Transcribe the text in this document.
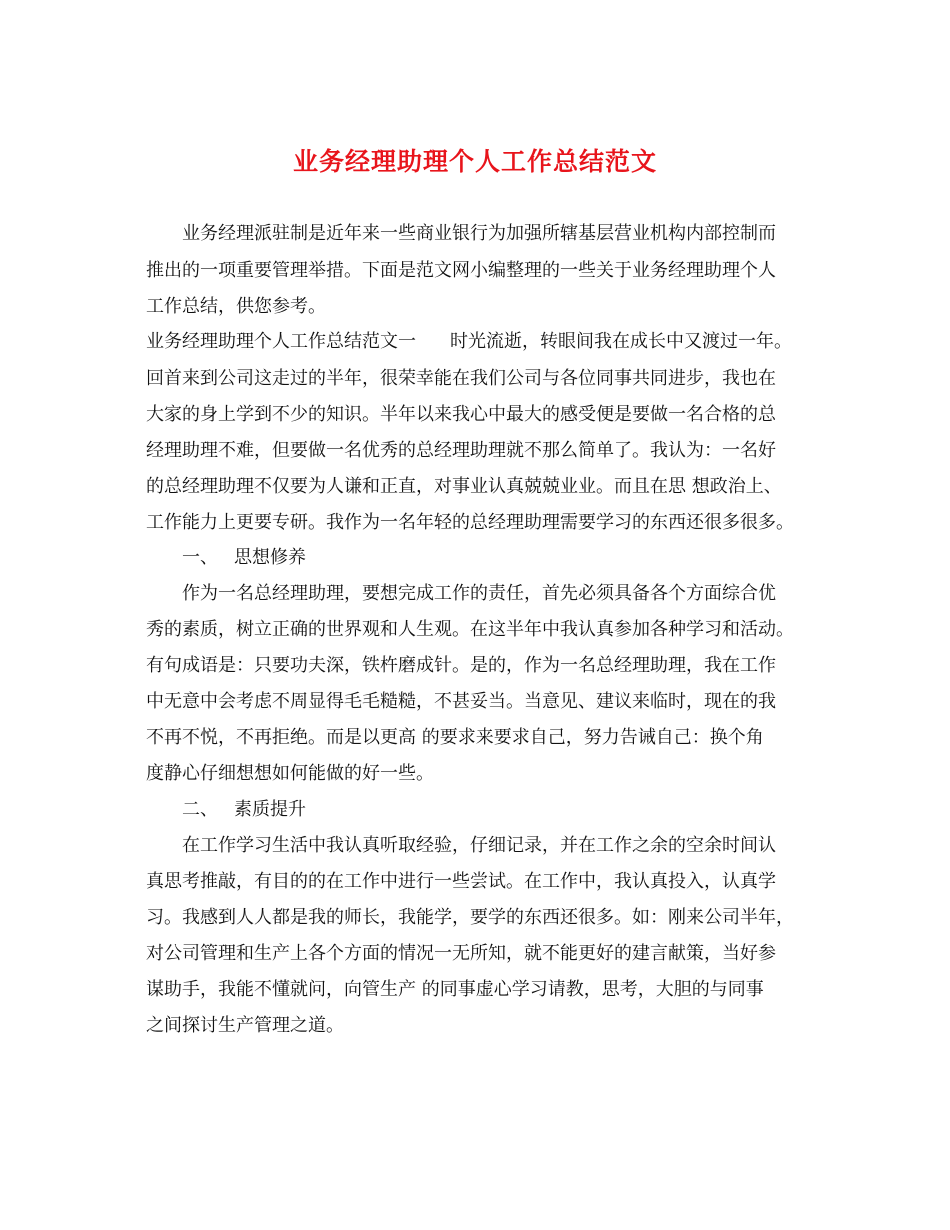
业务经理助理个人工作总结范文
业务经理派驻制是近年来一些商业银行为加强所辖基层营业机构内部控制而
推出的一项重要管理举措。下面是范文网小编整理的一些关于业务经理助理个人
工作总结，供您参考。
业务经理助理个人工作总结范文一 时光流逝，转眼间我在成长中又渡过一年。
回首来到公司这走过的半年，很荣幸能在我们公司与各位同事共同进步，我也在
大家的身上学到不少的知识。半年以来我心中最大的感受便是要做一名合格的总
经理助理不难，但要做一名优秀的总经理助理就不那么简单了。我认为：一名好
的总经理助理不仅要为人谦和正直，对事业认真兢兢业业。而且在思 想政治上、
工作能力上更要专研。我作为一名年轻的总经理助理需要学习的东西还很多很多。
一、 思想修养
作为一名总经理助理，要想完成工作的责任，首先必须具备各个方面综合优
秀的素质，树立正确的世界观和人生观。在这半年中我认真参加各种学习和活动。
有句成语是：只要功夫深，铁杵磨成针。是的，作为一名总经理助理，我在工作
中无意中会考虑不周显得毛毛糙糙，不甚妥当。当意见、建议来临时，现在的我
不再不悦，不再拒绝。而是以更高 的要求来要求自己，努力告诫自己：换个角
度静心仔细想想如何能做的好一些。
二、 素质提升
在工作学习生活中我认真听取经验，仔细记录，并在工作之余的空余时间认
真思考推敲，有目的的在工作中进行一些尝试。在工作中，我认真投入，认真学
习。我感到人人都是我的师长，我能学，要学的东西还很多。如：刚来公司半年，
对公司管理和生产上各个方面的情况一无所知，就不能更好的建言献策，当好参
谋助手，我能不懂就问，向管生产 的同事虚心学习请教，思考，大胆的与同事
之间探讨生产管理之道。
